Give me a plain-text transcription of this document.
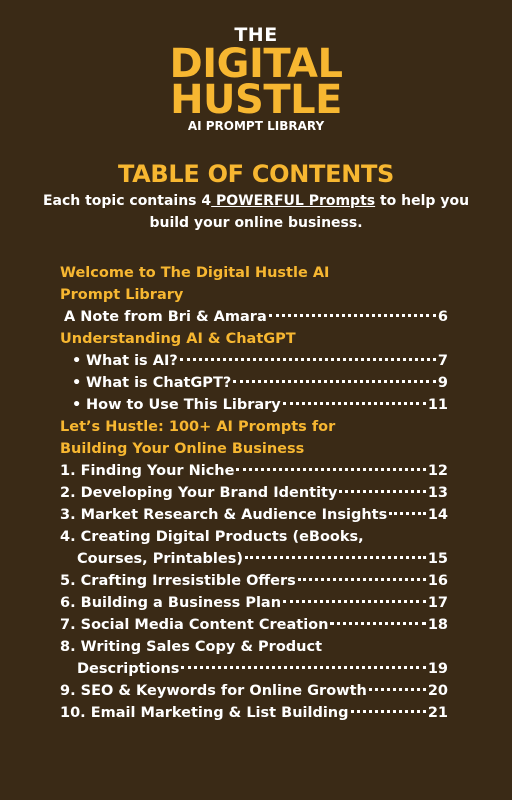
THE
DIGITAL
HUSTLE
AI PROMPT LIBRARY
TABLE OF CONTENTS
Each topic contains 4 POWERFUL Prompts to help you build your online business.
Welcome to The Digital Hustle AI
Prompt Library
A Note from Bri & Amara	6
Understanding AI & ChatGPT
• What is AI?	7
• What is ChatGPT?	9
• How to Use This Library	11
Let’s Hustle: 100+ AI Prompts for
Building Your Online Business
1. Finding Your Niche	12
2. Developing Your Brand Identity	13
3. Market Research & Audience Insights	14
4. Creating Digital Products (eBooks,
Courses, Printables)	15
5. Crafting Irresistible Offers	16
6. Building a Business Plan	17
7. Social Media Content Creation	18
8. Writing Sales Copy & Product
Descriptions	19
9. SEO & Keywords for Online Growth	20
10. Email Marketing & List Building	21
